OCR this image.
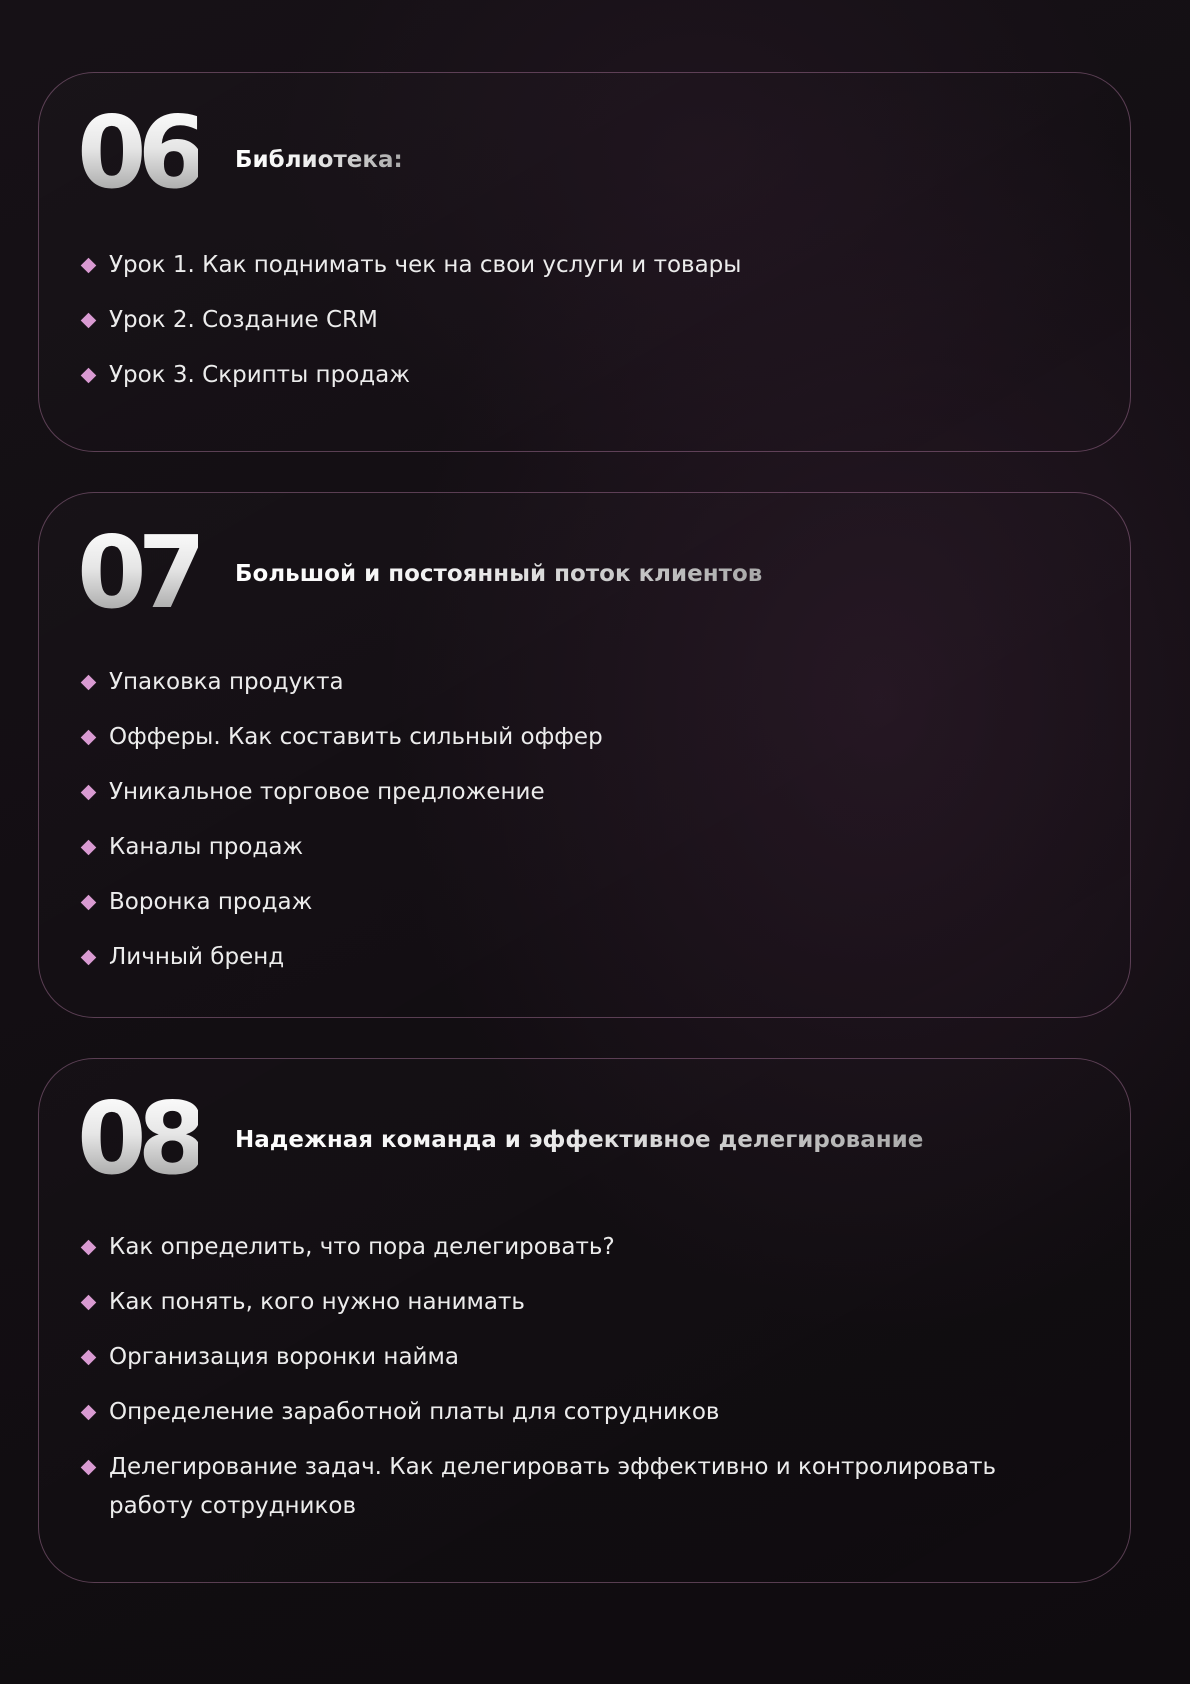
06 Библиотека:
Урок 1. Как поднимать чек на свои услуги и товары
Урок 2. Создание CRM
Урок 3. Скрипты продаж
07 Большой и постоянный поток клиентов
Упаковка продукта
Офферы. Как составить сильный оффер
Уникальное торговое предложение
Каналы продаж
Воронка продаж
Личный бренд
08 Надежная команда и эффективное делегирование
Как определить, что пора делегировать?
Как понять, кого нужно нанимать
Организация воронки найма
Определение заработной платы для сотрудников
Делегирование задач. Как делегировать эффективно и контролировать работу сотрудников
